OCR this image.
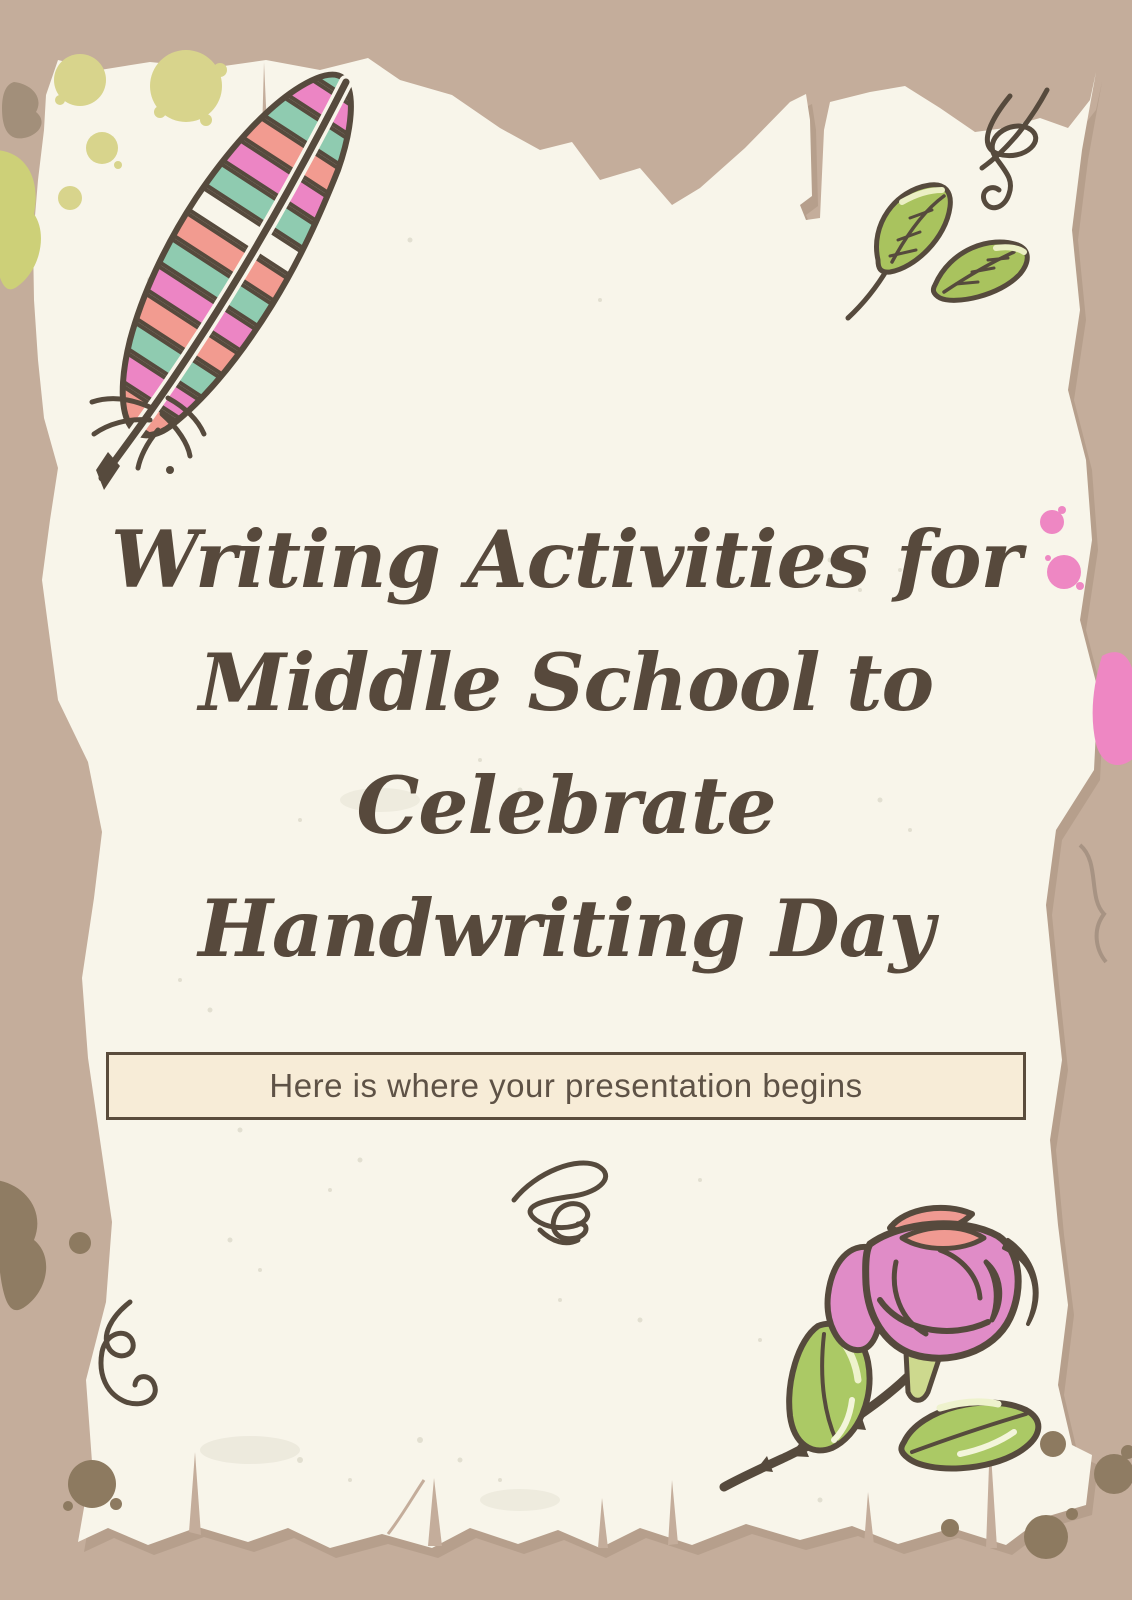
Writing Activities for
Middle School to
Celebrate
Handwriting Day
Here is where your presentation begins
